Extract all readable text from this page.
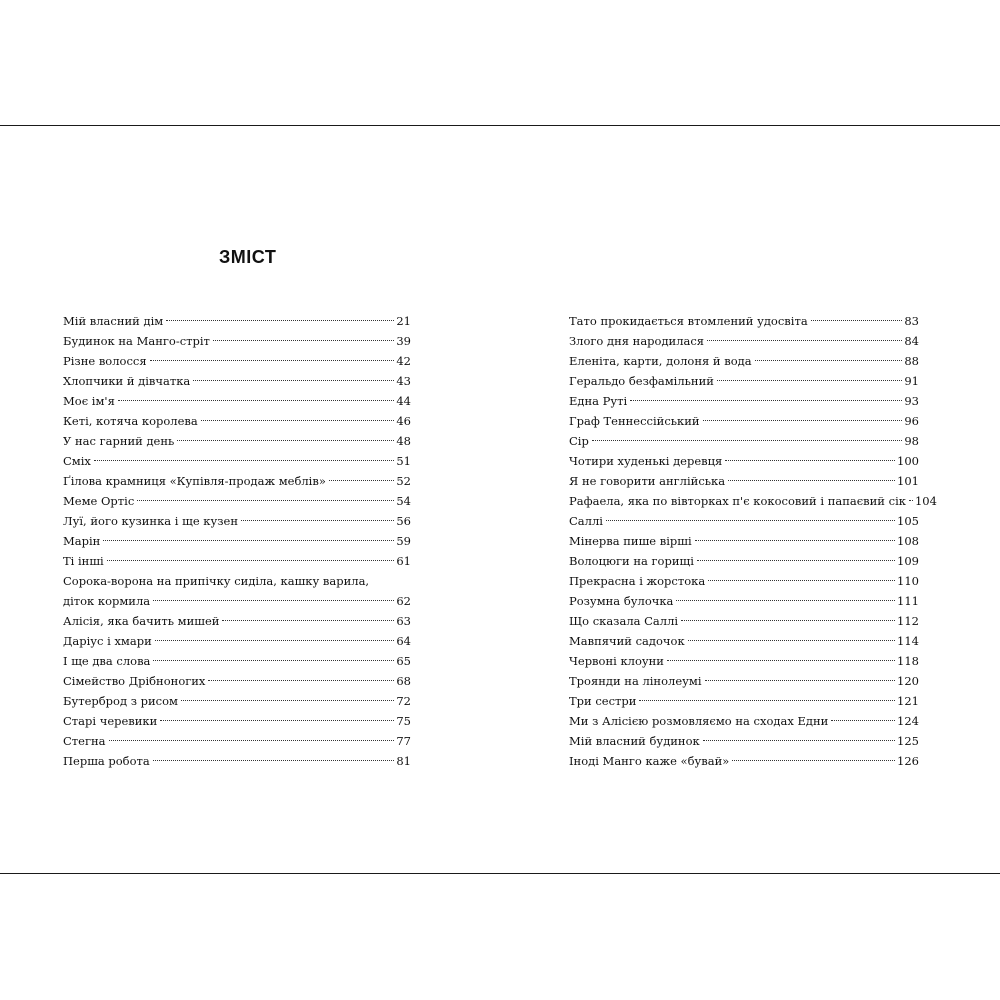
ЗМІСТ
Мій власний дім	21
Будинок на Манго-стріт	39
Різне волосся	42
Хлопчики й дівчатка	43
Моє ім'я	44
Кеті, котяча королева	46
У нас гарний день	48
Сміх	51
Ґілова крамниця «Купівля-продаж меблів»	52
Меме Ортіс	54
Луї, його кузинка і ще кузен	56
Марін	59
Ті інші	61
Сорока-ворона на припічку сиділа, кашку варила,
діток кормила	62
Алісія, яка бачить мишей	63
Даріус і хмари	64
І ще два слова	65
Сімейство Дрібноногих	68
Бутерброд з рисом	72
Старі черевики	75
Стегна	77
Перша робота	81
Тато прокидається втомлений удосвіта	83
Злого дня народилася	84
Еленіта, карти, долоня й вода	88
Геральдо безфамільний	91
Една Руті	93
Граф Теннессійський	96
Сір	98
Чотири худенькі деревця	100
Я не говорити англійська	101
Рафаела, яка по вівторках п'є кокосовий і папаєвий сік 104
Саллі	105
Мінерва пише вірші	108
Волоцюги на горищі	109
Прекрасна і жорстока	110
Розумна булочка	111
Що сказала Саллі	112
Мавпячий садочок	114
Червоні клоуни	118
Троянди на лінолеумі	120
Три сестри	121
Ми з Алісією розмовляємо на сходах Едни	124
Мій власний будинок	125
Іноді Манго каже «бувай»	126
